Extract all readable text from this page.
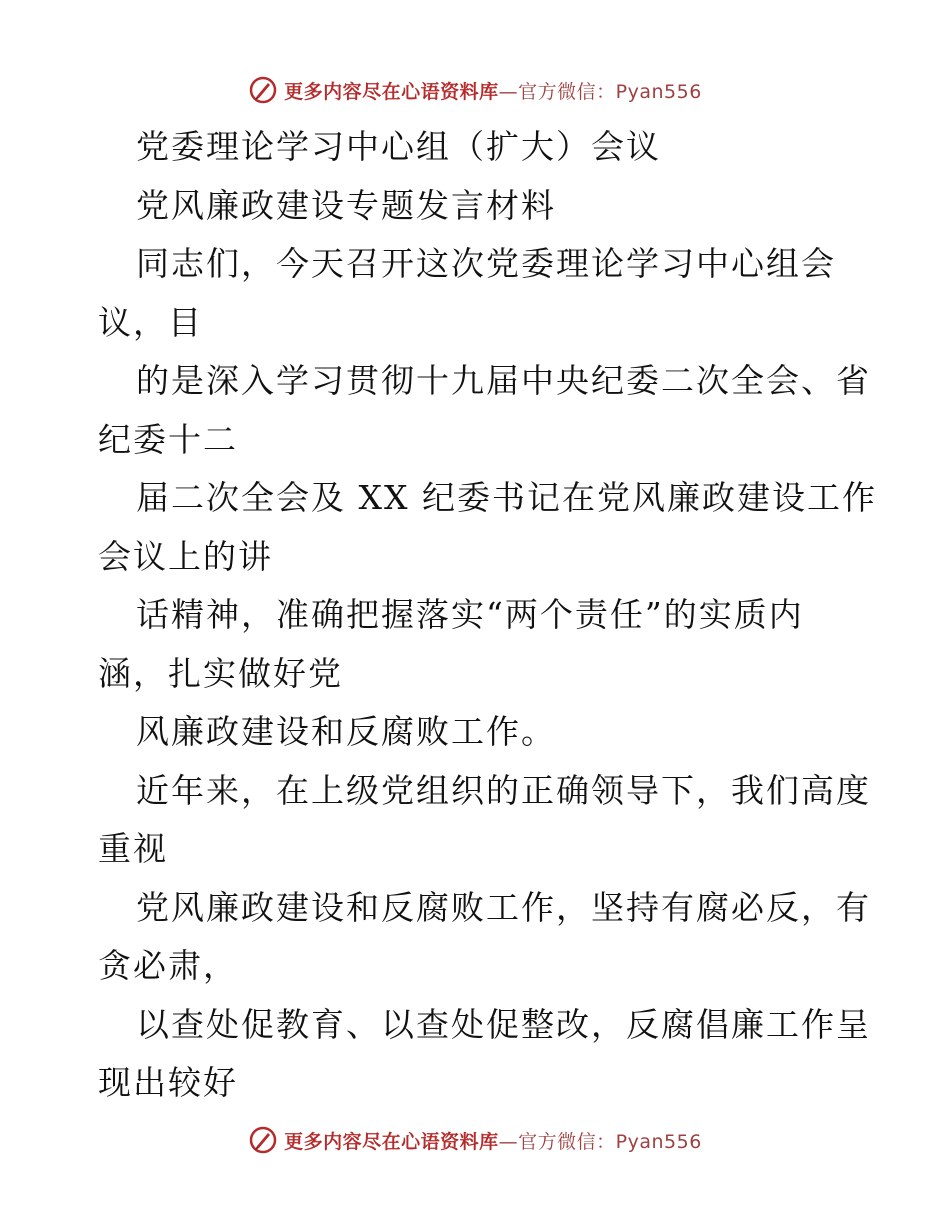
更多内容尽在心语资料库—官方微信：Pyan556
党委理论学习中心组（扩大）会议
党风廉政建设专题发言材料
同志们，今天召开这次党委理论学习中心组会
议，目
的是深入学习贯彻十九届中央纪委二次全会、省
纪委十二
届二次全会及 XX 纪委书记在党风廉政建设工作
会议上的讲
话精神，准确把握落实“两个责任”的实质内
涵，扎实做好党
风廉政建设和反腐败工作。
近年来，在上级党组织的正确领导下，我们高度
重视
党风廉政建设和反腐败工作，坚持有腐必反，有
贪必肃，
以查处促教育、以查处促整改，反腐倡廉工作呈
现出较好
更多内容尽在心语资料库—官方微信：Pyan556
